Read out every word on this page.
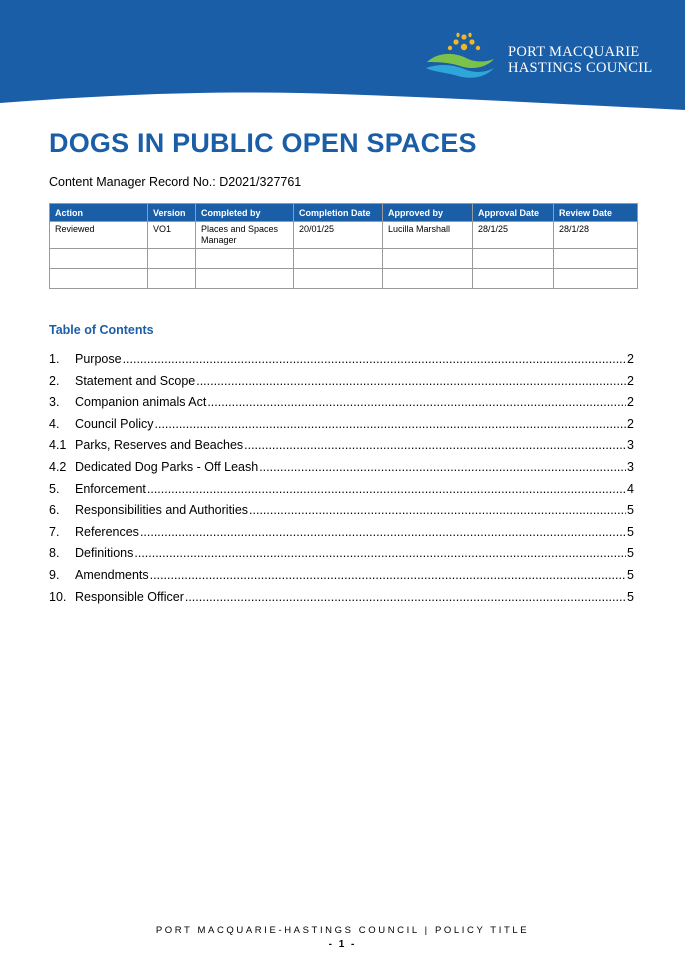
PORT MACQUARIE
HASTINGS COUNCIL
DOGS IN PUBLIC OPEN SPACES
Content Manager Record No.: D2021/327761
Action	Version	Completed by	Completion Date	Approved by	Approval Date	Review Date
Reviewed	VO1	Places and Spaces Manager	20/01/25	Lucilla Marshall	28/1/25	28/1/28

Table of Contents
1.	Purpose .....	2
2.	Statement and Scope .....	2
3.	Companion animals Act .....	2
4.	Council Policy .....	2
4.1 Parks, Reserves and Beaches .....	3
4.2 Dedicated Dog Parks - Off Leash .....	3
5.	Enforcement .....	4
6.	Responsibilities and Authorities .....	5
7.	References .....	5
8.	Definitions .....	5
9.	Amendments .....	5
10. Responsible Officer .....	5
PORT MACQUARIE-HASTINGS COUNCIL | POLICY TITLE
- 1 -
